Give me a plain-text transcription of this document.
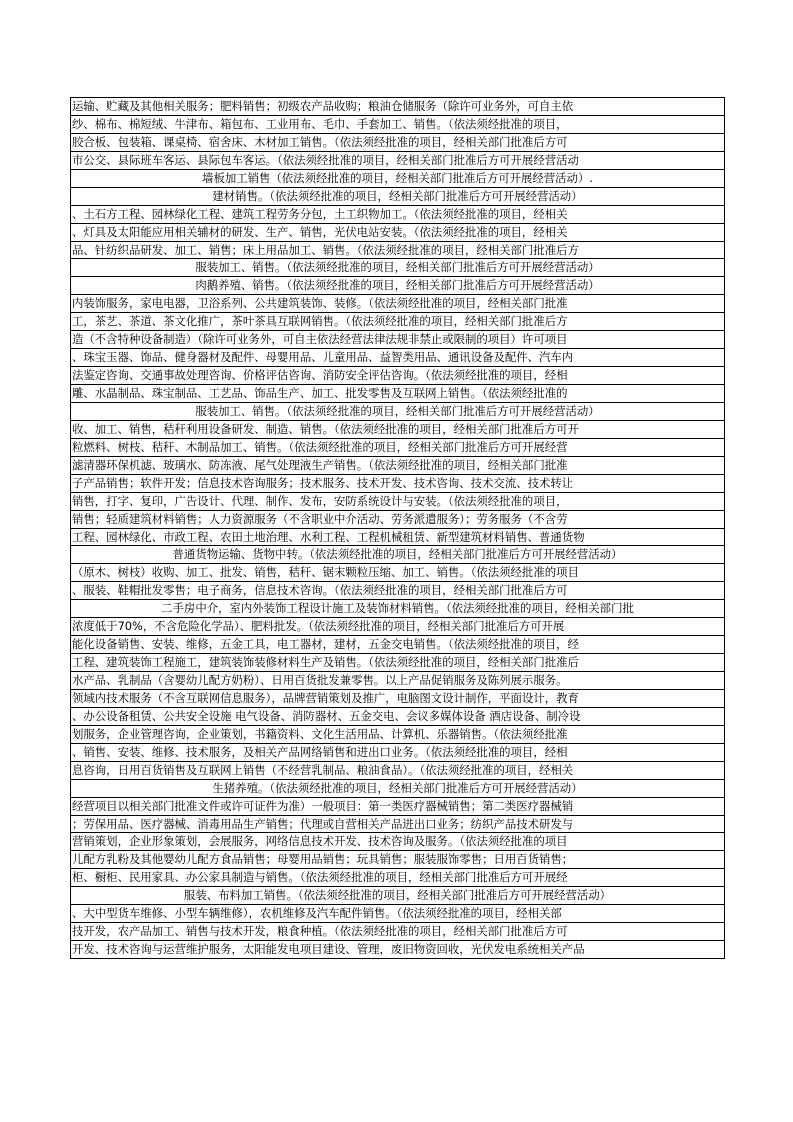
运输、贮藏及其他相关服务；肥料销售；初级农产品收购；粮油仓储服务（除许可业务外，可自主依
纱、棉布、棉短绒、牛津布、箱包布、工业用布、毛巾、手套加工、销售。（依法须经批准的项目，
胶合板、包装箱、课桌椅、宿舍床、木材加工销售。（依法须经批准的项目，经相关部门批准后方可
市公交、县际班车客运、县际包车客运。（依法须经批准的项目，经相关部门批准后方可开展经营活动
墙板加工销售（依法须经批准的项目，经相关部门批准后方可开展经营活动）.
建材销售。（依法须经批准的项目，经相关部门批准后方可开展经营活动）
、土石方工程、园林绿化工程、建筑工程劳务分包，土工织物加工。（依法须经批准的项目，经相关
、灯具及太阳能应用相关辅材的研发、生产、销售，光伏电站安装。（依法须经批准的项目，经相关
品、针纺织品研发、加工、销售；床上用品加工、销售。（依法须经批准的项目，经相关部门批准后方
服装加工、销售。（依法须经批准的项目，经相关部门批准后方可开展经营活动）
肉鹅养殖、销售。（依法须经批准的项目，经相关部门批准后方可开展经营活动）
内装饰服务，家电电器，卫浴系列、公共建筑装饰、装修。（依法须经批准的项目，经相关部门批准
工，茶艺、茶道、茶文化推广，茶叶茶具互联网销售。（依法须经批准的项目，经相关部门批准后方
造（不含特种设备制造）（除许可业务外，可自主依法经营法律法规非禁止或限制的项目）许可项目
、珠宝玉器、饰品、健身器材及配件、母婴用品、儿童用品、益智类用品、通讯设备及配件、汽车内
法鉴定咨询、交通事故处理咨询、价格评估咨询、消防安全评估咨询。（依法须经批准的项目，经相
雕、水晶制品、珠宝制品、工艺品、饰品生产、加工、批发零售及互联网上销售。（依法须经批准的
服装加工、销售。（依法须经批准的项目，经相关部门批准后方可开展经营活动）
收、加工、销售，秸秆利用设备研发、制造、销售。（依法须经批准的项目，经相关部门批准后方可开
粒燃料、树枝、秸秆、木制品加工、销售。（依法须经批准的项目，经相关部门批准后方可开展经营
滤清器环保机滤、玻璃水、防冻液、尾气处理液生产销售。（依法须经批准的项目，经相关部门批准
子产品销售；软件开发；信息技术咨询服务；技术服务、技术开发、技术咨询、技术交流、技术转让
销售，打字、复印，广告设计、代理、制作、发布，安防系统设计与安装。（依法须经批准的项目，
销售；轻质建筑材料销售；人力资源服务（不含职业中介活动、劳务派遣服务）；劳务服务（不含劳
工程、园林绿化、市政工程、农田土地治理、水利工程、工程机械租赁、新型建筑材料销售、普通货物
普通货物运输、货物中转。（依法须经批准的项目，经相关部门批准后方可开展经营活动）
（原木、树枝）收购、加工、批发、销售，秸秆、锯末颗粒压缩、加工、销售。（依法须经批准的项目
、服装、鞋帽批发零售；电子商务，信息技术咨询。（依法须经批准的项目，经相关部门批准后方可
二手房中介，室内外装饰工程设计施工及装饰材料销售。（依法须经批准的项目，经相关部门批
浓度低于70%，不含危险化学品）、肥料批发。（依法须经批准的项目，经相关部门批准后方可开展
能化设备销售、安装、维修，五金工具，电工器材，建材，五金交电销售。（依法须经批准的项目，经
工程、建筑装饰工程施工，建筑装饰装修材料生产及销售。（依法须经批准的项目，经相关部门批准后
水产品、乳制品（含婴幼儿配方奶粉）、日用百货批发兼零售。以上产品促销服务及陈列展示服务。
领域内技术服务（不含互联网信息服务），品牌营销策划及推广，电脑图文设计制作，平面设计，教育
、办公设备租赁、公共安全设施 电气设备、消防器材、五金交电、会议多媒体设备 酒店设备、制冷设
划服务，企业管理咨询，企业策划，书籍资料、文化生活用品、计算机、乐器销售。（依法须经批准
、销售、安装、维修、技术服务，及相关产品网络销售和进出口业务。（依法须经批准的项目，经相
息咨询，日用百货销售及互联网上销售（不经营乳制品、粮油食品）。（依法须经批准的项目，经相关
生猪养殖。（依法须经批准的项目，经相关部门批准后方可开展经营活动）
经营项目以相关部门批准文件或许可证件为准）一般项目：第一类医疗器械销售；第二类医疗器械销
；劳保用品、医疗器械、消毒用品生产销售；代理或自营相关产品进出口业务；纺织产品技术研发与
营销策划，企业形象策划，会展服务，网络信息技术开发、技术咨询及服务。（依法须经批准的项目
儿配方乳粉及其他婴幼儿配方食品销售；母婴用品销售；玩具销售；服装服饰零售；日用百货销售；
柜、橱柜、民用家具、办公家具制造与销售。（依法须经批准的项目，经相关部门批准后方可开展经
服装、布料加工销售。（依法须经批准的项目，经相关部门批准后方可开展经营活动）
、大中型货车维修、小型车辆维修），农机维修及汽车配件销售。（依法须经批准的项目，经相关部
技开发，农产品加工、销售与技术开发，粮食种植。（依法须经批准的项目，经相关部门批准后方可
开发、技术咨询与运营维护服务，太阳能发电项目建设、管理，废旧物资回收，光伏发电系统相关产品
